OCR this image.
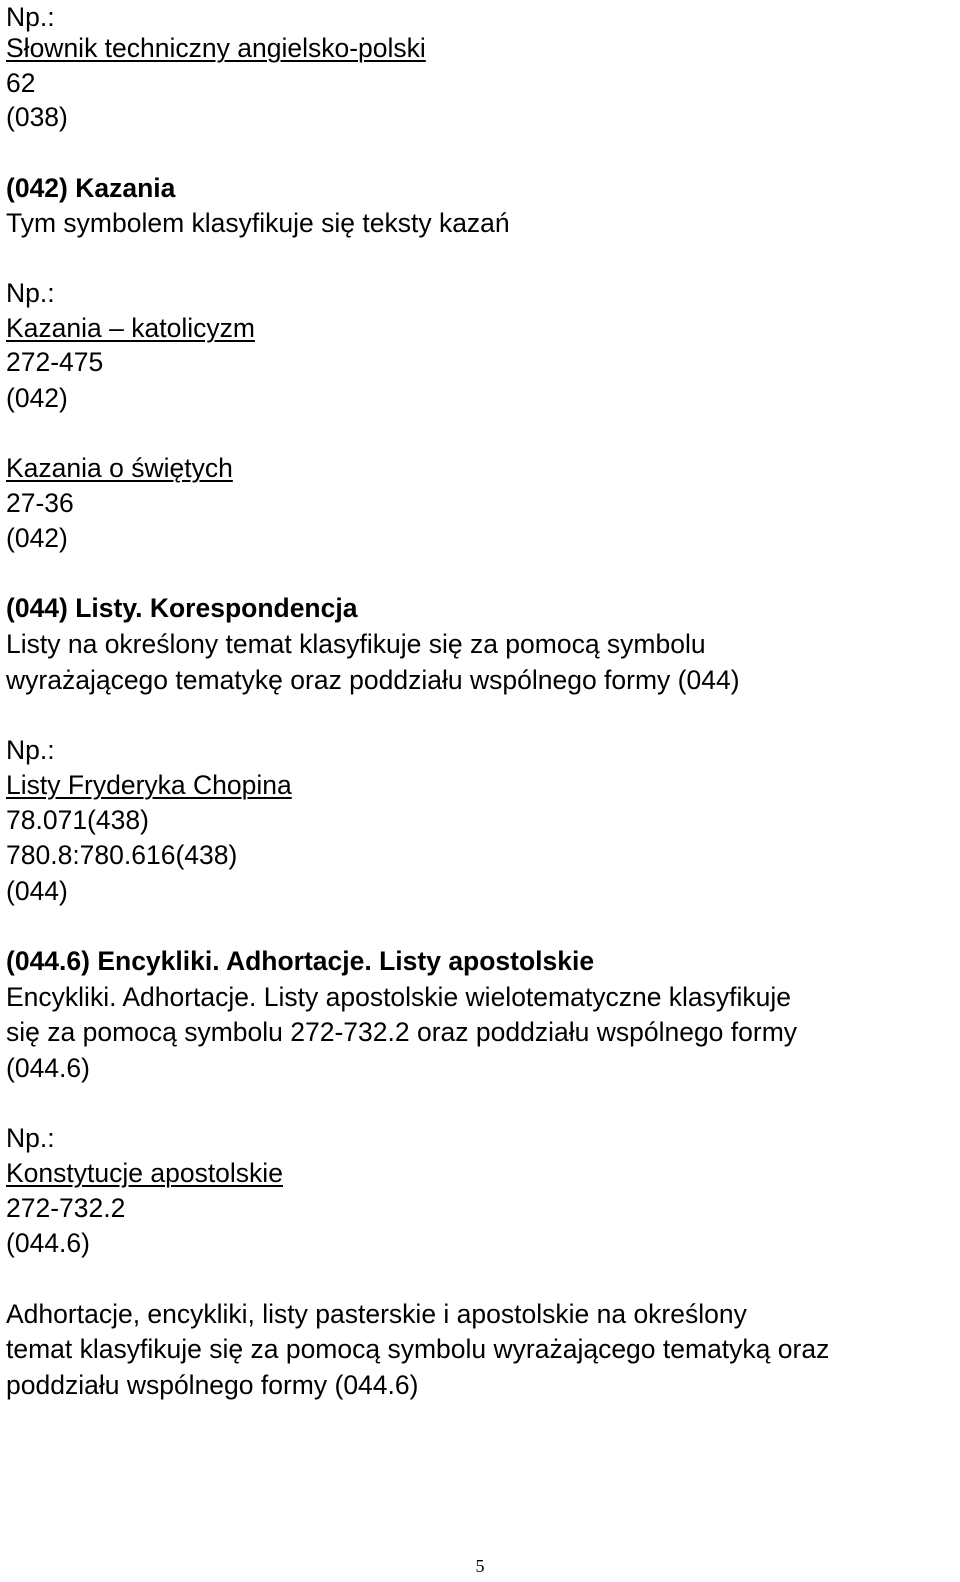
Np.:
Słownik techniczny angielsko-polski
62
(038)
(042) Kazania
Tym symbolem klasyfikuje się teksty kazań
Np.:
Kazania – katolicyzm
272-475
(042)
Kazania o świętych
27-36
(042)
(044) Listy. Korespondencja
Listy na określony temat klasyfikuje się za pomocą symbolu
wyrażającego tematykę oraz poddziału wspólnego formy (044)
Np.:
Listy Fryderyka Chopina
78.071(438)
780.8:780.616(438)
(044)
(044.6) Encykliki. Adhortacje. Listy apostolskie
Encykliki. Adhortacje. Listy apostolskie wielotematyczne klasyfikuje
się za pomocą symbolu 272-732.2 oraz poddziału wspólnego formy
(044.6)
Np.:
Konstytucje apostolskie
272-732.2
(044.6)
Adhortacje, encykliki, listy pasterskie i apostolskie na określony
temat klasyfikuje się za pomocą symbolu wyrażającego tematyką oraz
poddziału wspólnego formy (044.6)
5
